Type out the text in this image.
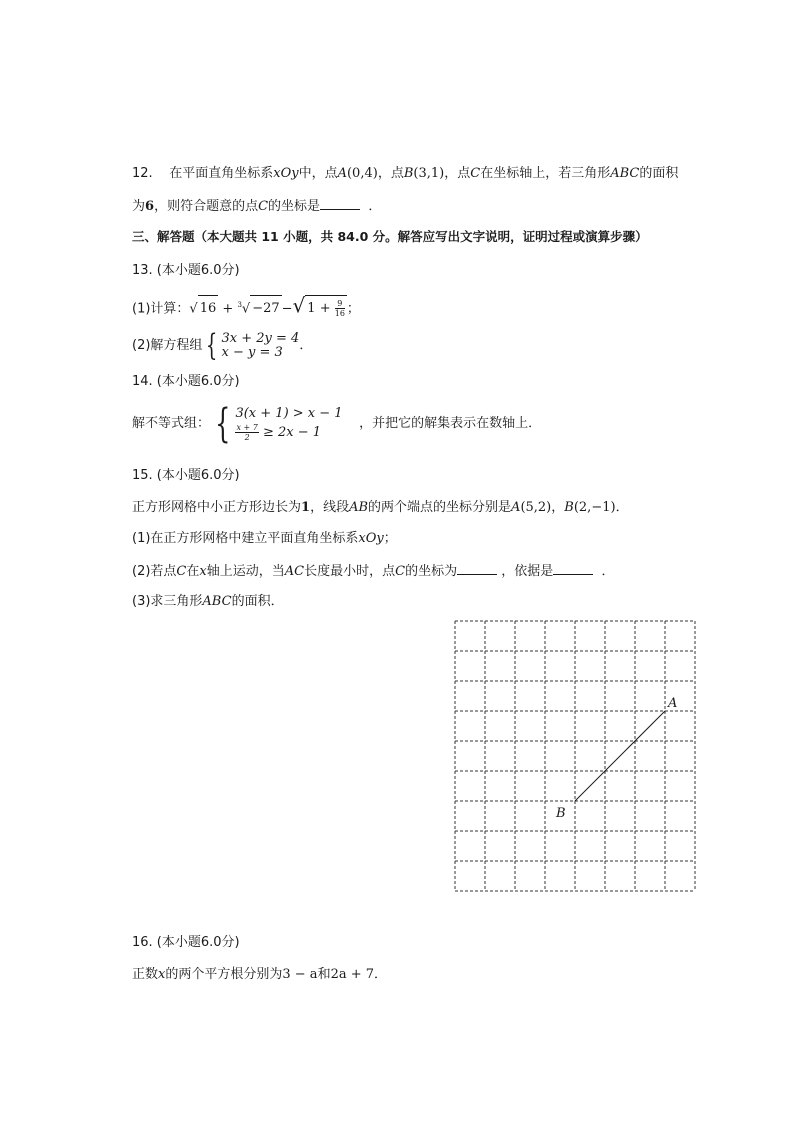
12. 在平面直角坐标系xOy中，点A(0,4)，点B(3,1)，点C在坐标轴上，若三角形ABC的面积
为6，则符合题意的点C的坐标是	．
三、解答题（本大题共 11 小题，共 84.0 分。解答应写出文字说明，证明过程或演算步骤）
13. (本小题6.0分)
(1)计算：√ 16 + $^3$√ −27 −√ $1 + \frac{9}{16}$ ；
(2)解方程组 { 3x + 2y = 4
x − y = 3	．
14. (本小题6.0分)
解不等式组： { 3(x + 1) > x − 1
$\frac{x + 7}{2} \ge 2x - 1$
，并把它的解集表示在数轴上．
15. (本小题6.0分)
正方形网格中小正方形边长为1，线段AB的两个端点的坐标分别是A(5,2)，B(2,−1)．
(1)在正方形网格中建立平面直角坐标系xOy；
(2)若点C在x轴上运动，当AC长度最小时，点C的坐标为	，依据是	．
(3)求三角形ABC的面积．
A
B
16. (本小题6.0分)
正数x的两个平方根分别为3 − a和2a + 7．
